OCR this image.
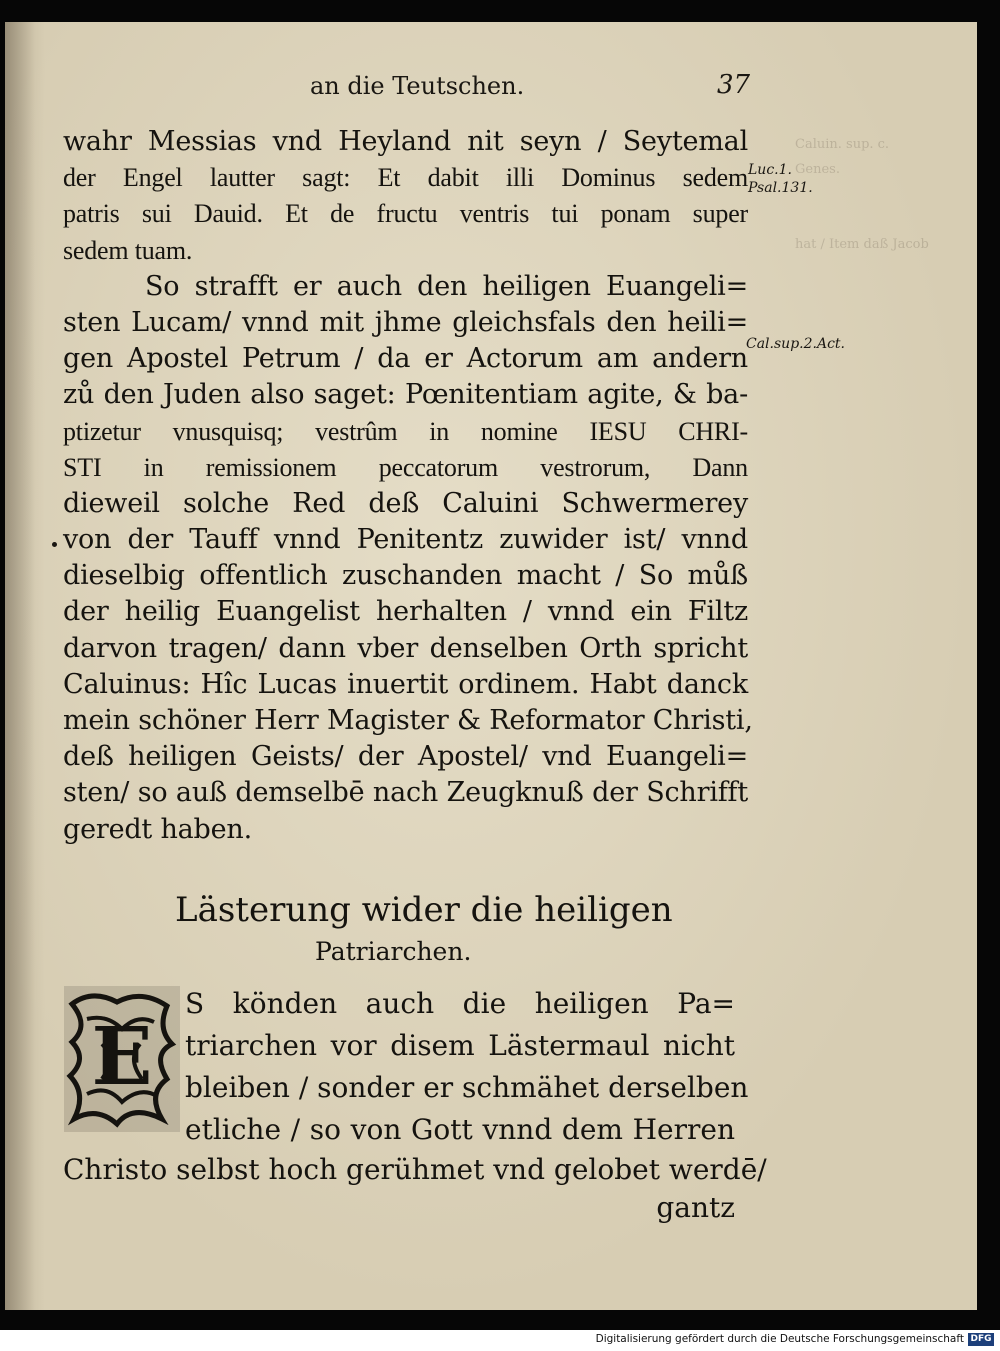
an die Teutschen.	37
wahr Messias vnd Heyland nit seyn / Seytemal
der Engel lautter sagt: Et dabit illi Dominus sedem
patris sui Dauid. Et de fructu ventris tui ponam super
sedem tuam.
So strafft er auch den heiligen Euangeli=
sten Lucam/ vnnd mit jhme gleichsfals den heili=
gen Apostel Petrum / da er Actorum am andern
zů den Juden also saget: Pœnitentiam agite, & ba-
ptizetur vnusquisq; vestrûm in nomine IESU CHRI-
STI in remissionem peccatorum vestrorum, Dann
dieweil solche Red deß Caluini Schwermerey
von der Tauff vnnd Penitentz zuwider ist/ vnnd
dieselbig offentlich zuschanden macht / So můß
der heilig Euangelist herhalten / vnnd ein Filtz
darvon tragen/ dann vber denselben Orth spricht
Caluinus: Hîc Lucas inuertit ordinem. Habt danck
mein schöner Herr Magister & Reformator Christi,
deß heiligen Geists/ der Apostel/ vnd Euangeli=
sten/ so auß demselbē nach Zeugknuß der Schrifft
geredt haben.
Luc.1.
Psal.131.
Cal.sup.2.Act.
Lästerung wider die heiligen
Patriarchen.
E
S könden auch die heiligen Pa=
triarchen vor disem Lästermaul nicht
bleiben / sonder er schmähet derselben
etliche / so von Gott vnnd dem Herren
Christo selbst hoch gerühmet vnd gelobet werdē/
gantz
Caluin. sup. c.
Genes.

hat / Item daß Jacob
Digitalisierung gefördert durch die Deutsche Forschungsgemeinschaft DFG
